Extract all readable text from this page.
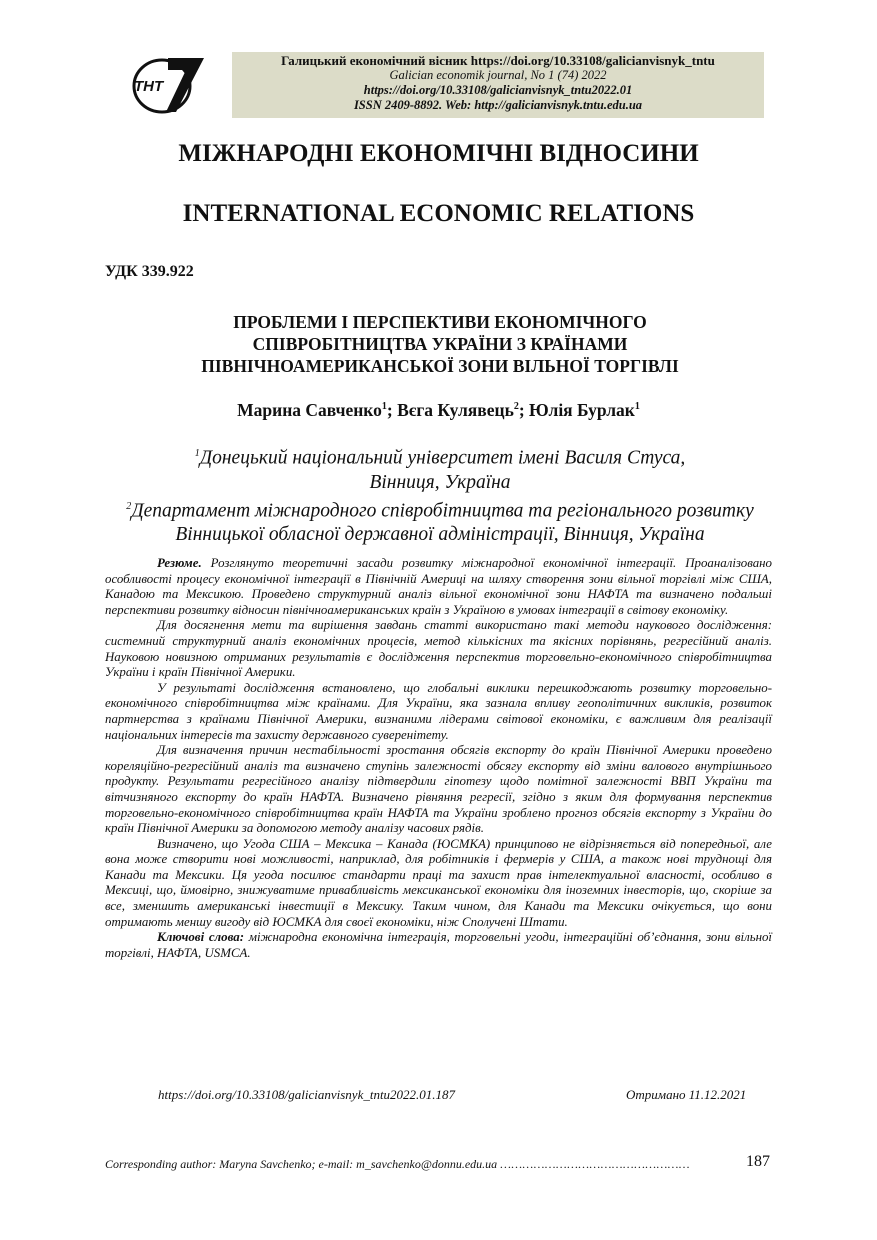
ТНТ
Галицький економічний вісник https://doi.org/10.33108/galicianvisnyk_tntu
Galician economik journal, No 1 (74) 2022
https://doi.org/10.33108/galicianvisnyk_tntu2022.01
ISSN 2409-8892. Web: http://galicianvisnyk.tntu.edu.ua
МІЖНАРОДНІ ЕКОНОМІЧНІ ВІДНОСИНИ
INTERNATIONAL ECONOMIC RELATIONS
УДК 339.922
ПРОБЛЕМИ І ПЕРСПЕКТИВИ ЕКОНОМІЧНОГО
СПІВРОБІТНИЦТВА УКРАЇНИ З КРАЇНАМИ
ПІВНІЧНОАМЕРИКАНСЬКОЇ ЗОНИ ВІЛЬНОЇ ТОРГІВЛІ
Марина Савченко$^1$; Вєга Кулявець$^2$; Юлія Бурлак$^1$
$^1$Донецький національний університет імені Василя Стуса,
Вінниця, Україна
$^2$Департамент міжнародного співробітництва та регіонального розвитку
Вінницької обласної державної адміністрації, Вінниця, Україна

Резюме. Розглянуто теоретичні засади розвитку міжнародної економічної інтеграції. Проаналізовано особливості процесу економічної інтеграції в Північній Америці на шляху створення зони вільної торгівлі між США, Канадою та Мексикою. Проведено структурний аналіз вільної економічної зони НАФТА та визначено подальші перспективи розвитку відносин північноамериканських країн з Україною в умовах інтеграції в світову економіку.

Для досягнення мети та вирішення завдань статті використано такі методи наукового дослідження: системний структурний аналіз економічних процесів, метод кількісних та якісних порівнянь, регресійний аналіз. Науковою новизною отриманих результатів є дослідження перспектив торговельно-економічного співробітництва України і країн Північної Америки.

У результаті дослідження встановлено, що глобальні виклики перешкоджають розвитку торговельно-економічного співробітництва між країнами. Для України, яка зазнала впливу геополітичних викликів, розвиток партнерства з країнами Північної Америки, визнаними лідерами світової економіки, є важливим для реалізації національних інтересів та захисту державного суверенітету.

Для визначення причин нестабільності зростання обсягів експорту до країн Північної Америки проведено кореляційно-регресійний аналіз та визначено ступінь залежності обсягу експорту від зміни валового внутрішнього продукту. Результати регресійного аналізу підтвердили гіпотезу щодо помітної залежності ВВП України та вітчизняного експорту до країн НАФТА. Визначено рівняння регресії, згідно з яким для формування перспектив торговельно-економічного співробітництва країн НАФТА та України зроблено прогноз обсягів експорту з України до країн Північної Америки за допомогою методу аналізу часових рядів.

Визначено, що Угода США – Мексика – Канада (ЮСМКА) принципово не відрізняється від попередньої, але вона може створити нові можливості, наприклад, для робітників і фермерів у США, а також нові труднощі для Канади та Мексики. Ця угода посилює стандарти праці та захист прав інтелектуальної власності, особливо в Мексиці, що, ймовірно, знижуватиме привабливість мексиканської економіки для іноземних інвесторів, що, скоріше за все, зменшить американські інвестиції в Мексику. Таким чином, для Канади та Мексики очікується, що вони отримають меншу вигоду від ЮСМКА для своєї економіки, ніж Сполучені Штати.

Ключові слова: міжнародна економічна інтеграція, торговельні угоди, інтеграційні об’єднання, зони вільної торгівлі, НАФТА, USMCA.

https://doi.org/10.33108/galicianvisnyk_tntu2022.01.187	Отримано 11.12.2021
Corresponding author: Maryna Savchenko; e-mail: m_savchenko@donnu.edu.ua ……………………………………………	187
